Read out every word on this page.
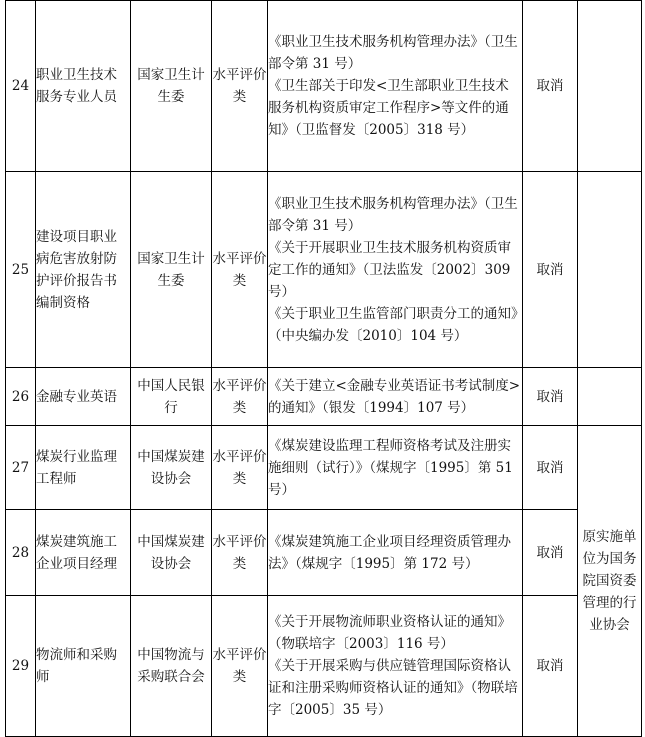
24	职业卫生技术服务专业人员	国家卫生计生委	水平评价类	《职业卫生技术服务机构管理办法》（卫生部令第 31 号）
《卫生部关于印发<卫生部职业卫生技术服务机构资质审定工作程序>等文件的通知》（卫监督发〔2005〕318 号）	取消	
25	建设项目职业病危害放射防护评价报告书编制资格	国家卫生计生委	水平评价类	《职业卫生技术服务机构管理办法》（卫生部令第 31 号）
《关于开展职业卫生技术服务机构资质审定工作的通知》（卫法监发〔2002〕309 号）
《关于职业卫生监管部门职责分工的通知》（中央编办发〔2010〕104 号）	取消	
26	金融专业英语	中国人民银行	水平评价类	《关于建立<金融专业英语证书考试制度>的通知》（银发〔1994〕107 号）	取消	
27	煤炭行业监理工程师	中国煤炭建设协会	水平评价类	《煤炭建设监理工程师资格考试及注册实施细则（试行）》（煤规字〔1995〕第 51 号）	取消	原实施单位为国务院国资委管理的行业协会
28	煤炭建筑施工企业项目经理	中国煤炭建设协会	水平评价类	《煤炭建筑施工企业项目经理资质管理办法》（煤规字〔1995〕第 172 号）	取消	
29	物流师和采购师	中国物流与采购联合会	水平评价类	《关于开展物流师职业资格认证的通知》（物联培字〔2003〕116 号）
《关于开展采购与供应链管理国际资格认证和注册采购师资格认证的通知》（物联培字〔2005〕35 号）	取消	
